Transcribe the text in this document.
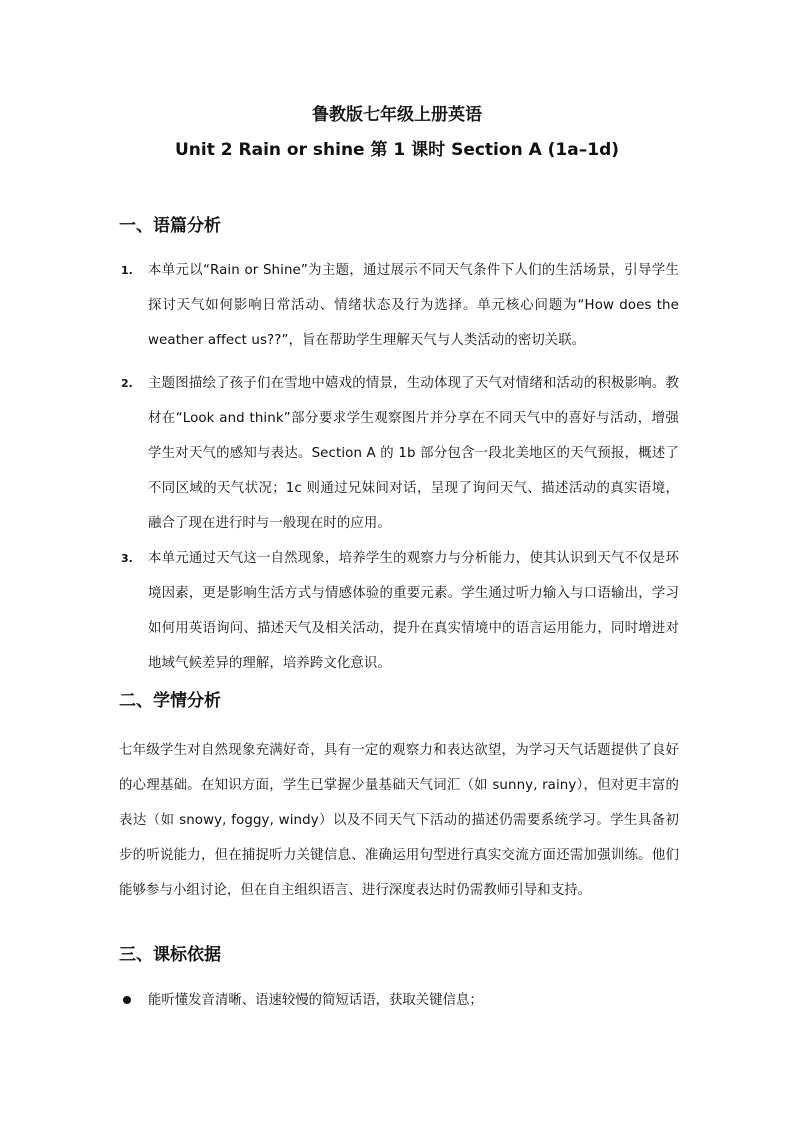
鲁教版七年级上册英语
Unit 2 Rain or shine 第 1 课时 Section A (1a–1d)
一、语篇分析
1. 本单元以“Rain or Shine”为主题，通过展示不同天气条件下人们的生活场景，引导学生探讨天气如何影响日常活动、情绪状态及行为选择。单元核心问题为“How does the weather affect us??”，旨在帮助学生理解天气与人类活动的密切关联。
2. 主题图描绘了孩子们在雪地中嬉戏的情景，生动体现了天气对情绪和活动的积极影响。教材在“Look and think”部分要求学生观察图片并分享在不同天气中的喜好与活动，增强学生对天气的感知与表达。Section A 的 1b 部分包含一段北美地区的天气预报，概述了不同区域的天气状况；1c 则通过兄妹间对话，呈现了询问天气、描述活动的真实语境，融合了现在进行时与一般现在时的应用。
3. 本单元通过天气这一自然现象，培养学生的观察力与分析能力，使其认识到天气不仅是环境因素，更是影响生活方式与情感体验的重要元素。学生通过听力输入与口语输出，学习如何用英语询问、描述天气及相关活动，提升在真实情境中的语言运用能力，同时增进对地域气候差异的理解，培养跨文化意识。
二、学情分析
七年级学生对自然现象充满好奇，具有一定的观察力和表达欲望，为学习天气话题提供了良好的心理基础。在知识方面，学生已掌握少量基础天气词汇（如 sunny, rainy），但对更丰富的表达（如 snowy, foggy, windy）以及不同天气下活动的描述仍需要系统学习。学生具备初步的听说能力，但在捕捉听力关键信息、准确运用句型进行真实交流方面还需加强训练。他们能够参与小组讨论，但在自主组织语言、进行深度表达时仍需教师引导和支持。
三、课标依据
能听懂发音清晰、语速较慢的简短话语，获取关键信息；
